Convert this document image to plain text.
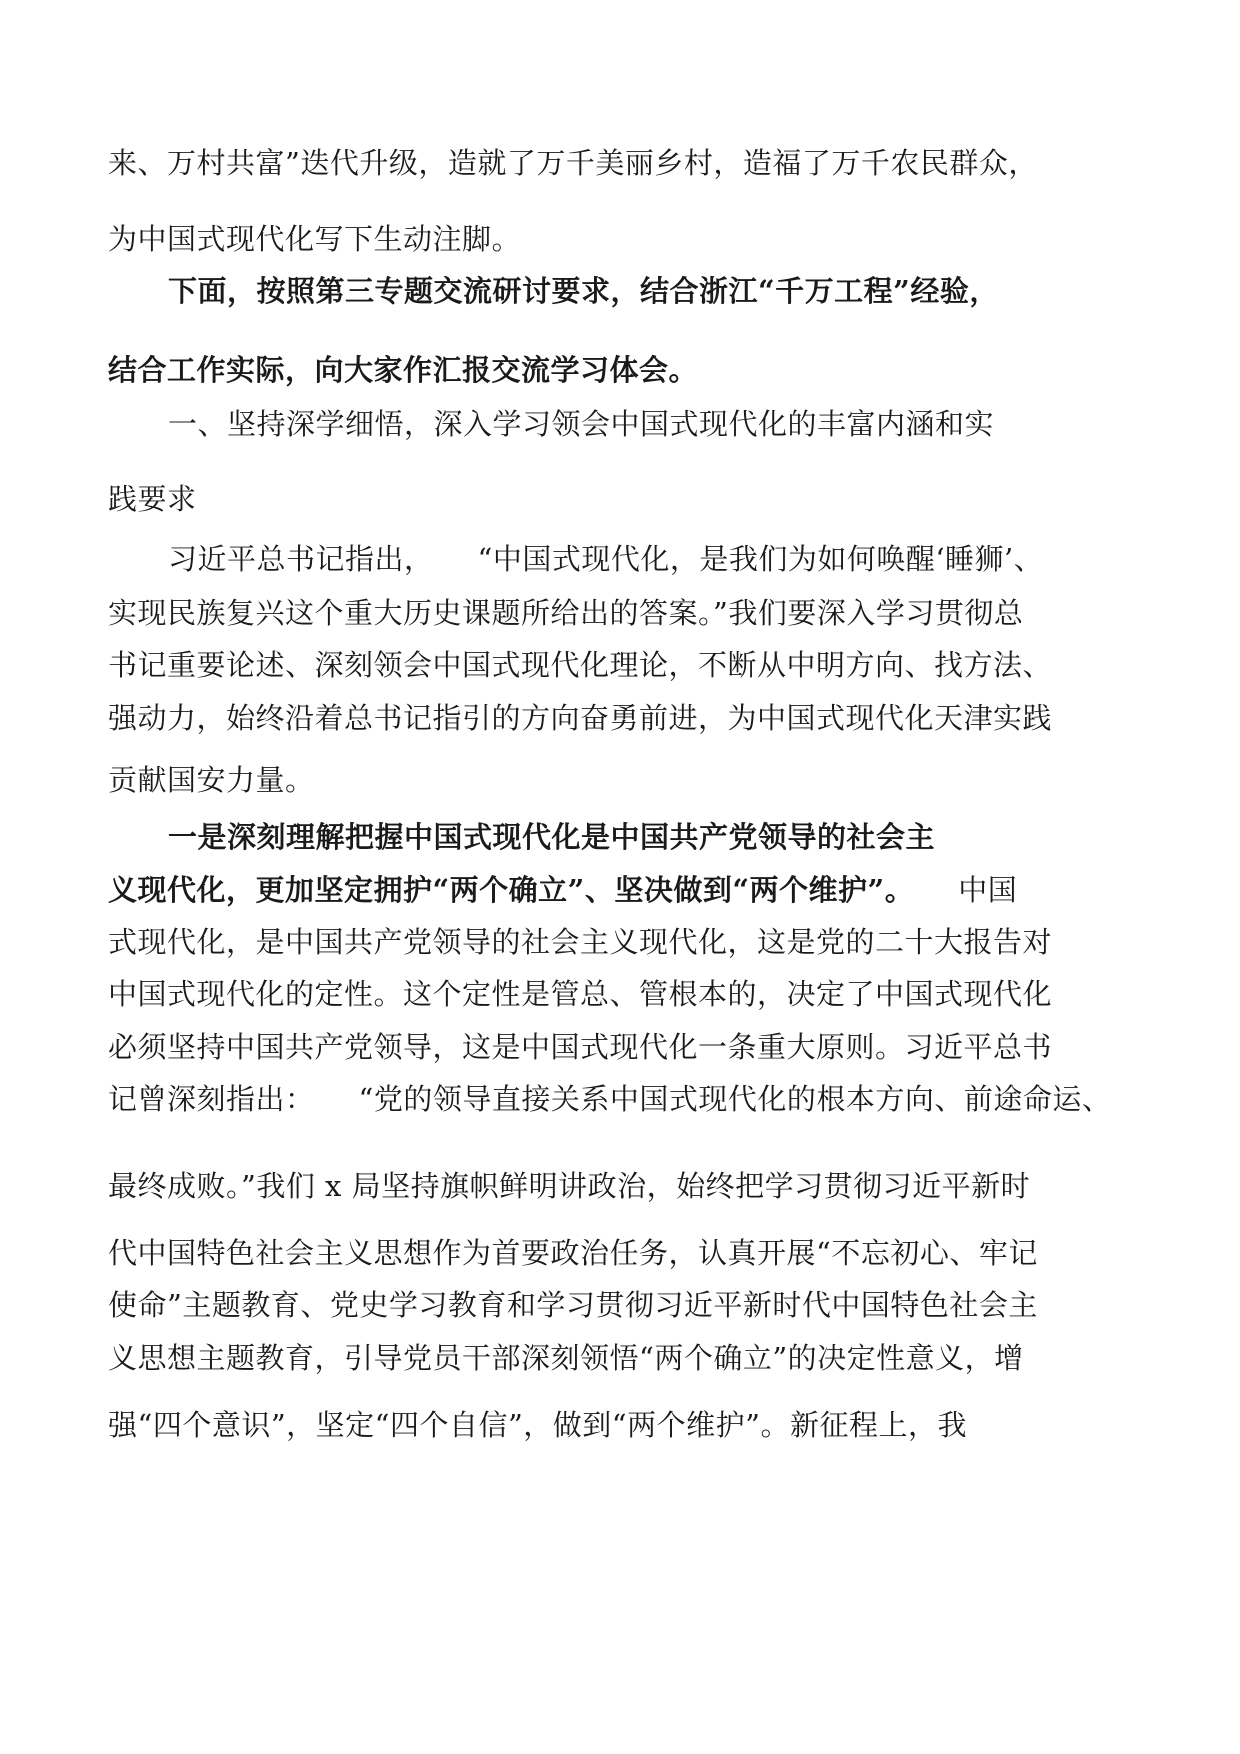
来、万村共富”迭代升级，造就了万千美丽乡村，造福了万千农民群众，
为中国式现代化写下生动注脚。
下面，按照第三专题交流研讨要求，结合浙江“千万工程”经验，
结合工作实际，向大家作汇报交流学习体会。
一、坚持深学细悟，深入学习领会中国式现代化的丰富内涵和实
践要求
习近平总书记指出， “中国式现代化，是我们为如何唤醒‘睡狮’、
实现民族复兴这个重大历史课题所给出的答案。”我们要深入学习贯彻总
书记重要论述、深刻领会中国式现代化理论，不断从中明方向、找方法、
强动力，始终沿着总书记指引的方向奋勇前进，为中国式现代化天津实践
贡献国安力量。
一是深刻理解把握中国式现代化是中国共产党领导的社会主
义现代化，更加坚定拥护“两个确立”、坚决做到“两个维护”。 中国
式现代化，是中国共产党领导的社会主义现代化，这是党的二十大报告对
中国式现代化的定性。这个定性是管总、管根本的，决定了中国式现代化
必须坚持中国共产党领导，这是中国式现代化一条重大原则。习近平总书
记曾深刻指出： “党的领导直接关系中国式现代化的根本方向、前途命运、
最终成败。”我们 x 局坚持旗帜鲜明讲政治，始终把学习贯彻习近平新时
代中国特色社会主义思想作为首要政治任务，认真开展“不忘初心、牢记
使命”主题教育、党史学习教育和学习贯彻习近平新时代中国特色社会主
义思想主题教育，引导党员干部深刻领悟“两个确立”的决定性意义，增
强“四个意识”，坚定“四个自信”，做到“两个维护”。新征程上，我
